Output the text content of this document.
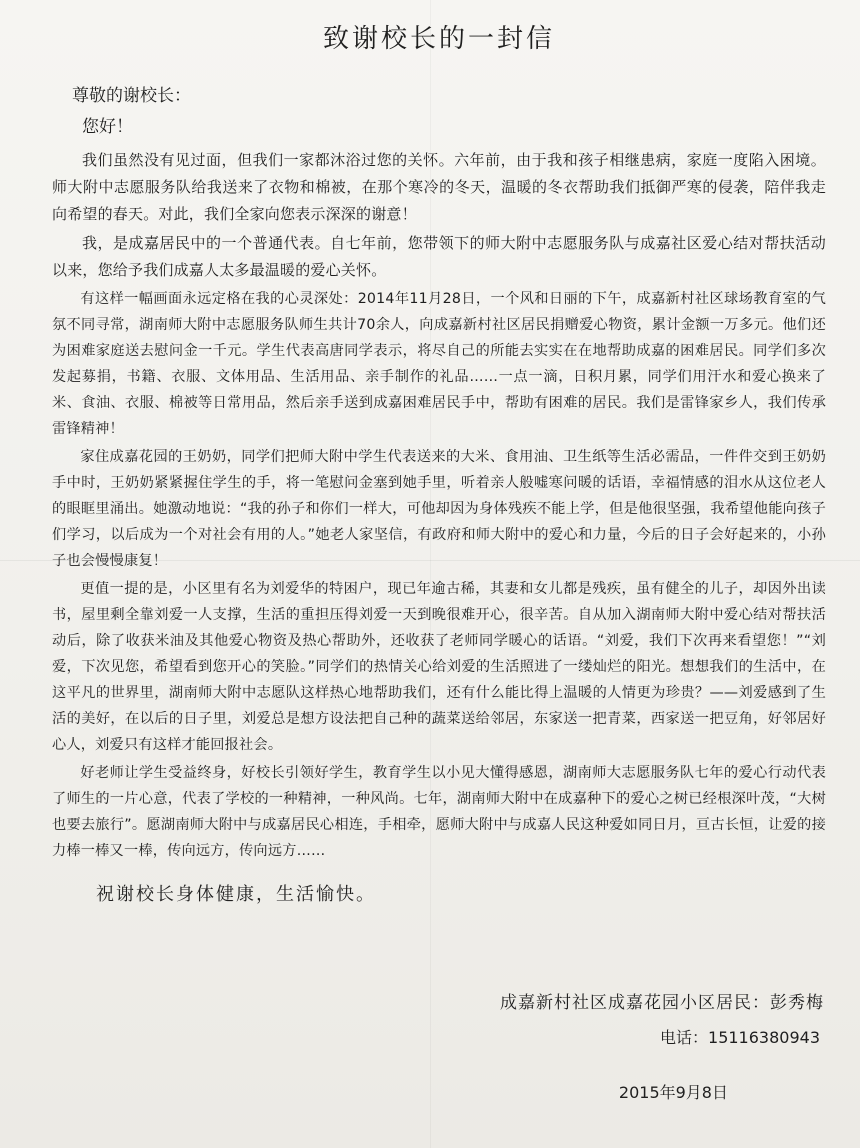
致谢校长的一封信
尊敬的谢校长：
您好！

我们虽然没有见过面，但我们一家都沐浴过您的关怀。六年前，由于我和孩子相继患病，家庭一度陷入困境。师大附中志愿服务队给我送来了衣物和棉被，在那个寒冷的冬天，温暖的冬衣帮助我们抵御严寒的侵袭，陪伴我走向希望的春天。对此，我们全家向您表示深深的谢意！

我，是成嘉居民中的一个普通代表。自七年前，您带领下的师大附中志愿服务队与成嘉社区爱心结对帮扶活动以来，您给予我们成嘉人太多最温暖的爱心关怀。

有这样一幅画面永远定格在我的心灵深处：2014年11月28日，一个风和日丽的下午，成嘉新村社区球场教育室的气氛不同寻常，湖南师大附中志愿服务队师生共计70余人，向成嘉新村社区居民捐赠爱心物资，累计金额一万多元。他们还为困难家庭送去慰问金一千元。学生代表高唐同学表示，将尽自己的所能去实实在在地帮助成嘉的困难居民。同学们多次发起募捐，书籍、衣服、文体用品、生活用品、亲手制作的礼品……一点一滴，日积月累，同学们用汗水和爱心换来了米、食油、衣服、棉被等日常用品，然后亲手送到成嘉困难居民手中，帮助有困难的居民。我们是雷锋家乡人，我们传承雷锋精神！

家住成嘉花园的王奶奶，同学们把师大附中学生代表送来的大米、食用油、卫生纸等生活必需品，一件件交到王奶奶手中时，王奶奶紧紧握住学生的手，将一笔慰问金塞到她手里，听着亲人般嘘寒问暖的话语，幸福情感的泪水从这位老人的眼眶里涌出。她激动地说：“我的孙子和你们一样大，可他却因为身体残疾不能上学，但是他很坚强，我希望他能向孩子们学习，以后成为一个对社会有用的人。”她老人家坚信，有政府和师大附中的爱心和力量，今后的日子会好起来的，小孙子也会慢慢康复！

更值一提的是，小区里有名为刘爱华的特困户，现已年逾古稀，其妻和女儿都是残疾，虽有健全的儿子，却因外出读书，屋里剩全靠刘爱一人支撑，生活的重担压得刘爱一天到晚很难开心，很辛苦。自从加入湖南师大附中爱心结对帮扶活动后，除了收获米油及其他爱心物资及热心帮助外，还收获了老师同学暖心的话语。“刘爱，我们下次再来看望您！”“刘爱，下次见您，希望看到您开心的笑脸。”同学们的热情关心给刘爱的生活照进了一缕灿烂的阳光。想想我们的生活中，在这平凡的世界里，湖南师大附中志愿队这样热心地帮助我们，还有什么能比得上温暖的人情更为珍贵？——刘爱感到了生活的美好，在以后的日子里，刘爱总是想方设法把自己种的蔬菜送给邻居，东家送一把青菜，西家送一把豆角，好邻居好心人，刘爱只有这样才能回报社会。

好老师让学生受益终身，好校长引领好学生，教育学生以小见大懂得感恩，湖南师大志愿服务队七年的爱心行动代表了师生的一片心意，代表了学校的一种精神，一种风尚。七年，湖南师大附中在成嘉种下的爱心之树已经根深叶茂，“大树也要去旅行”。愿湖南师大附中与成嘉居民心相连，手相牵，愿师大附中与成嘉人民这种爱如同日月，亘古长恒，让爱的接力棒一棒又一棒，传向远方，传向远方……

祝谢校长身体健康，生活愉快。
成嘉新村社区成嘉花园小区居民：彭秀梅
电话：15116380943
2015年9月8日
